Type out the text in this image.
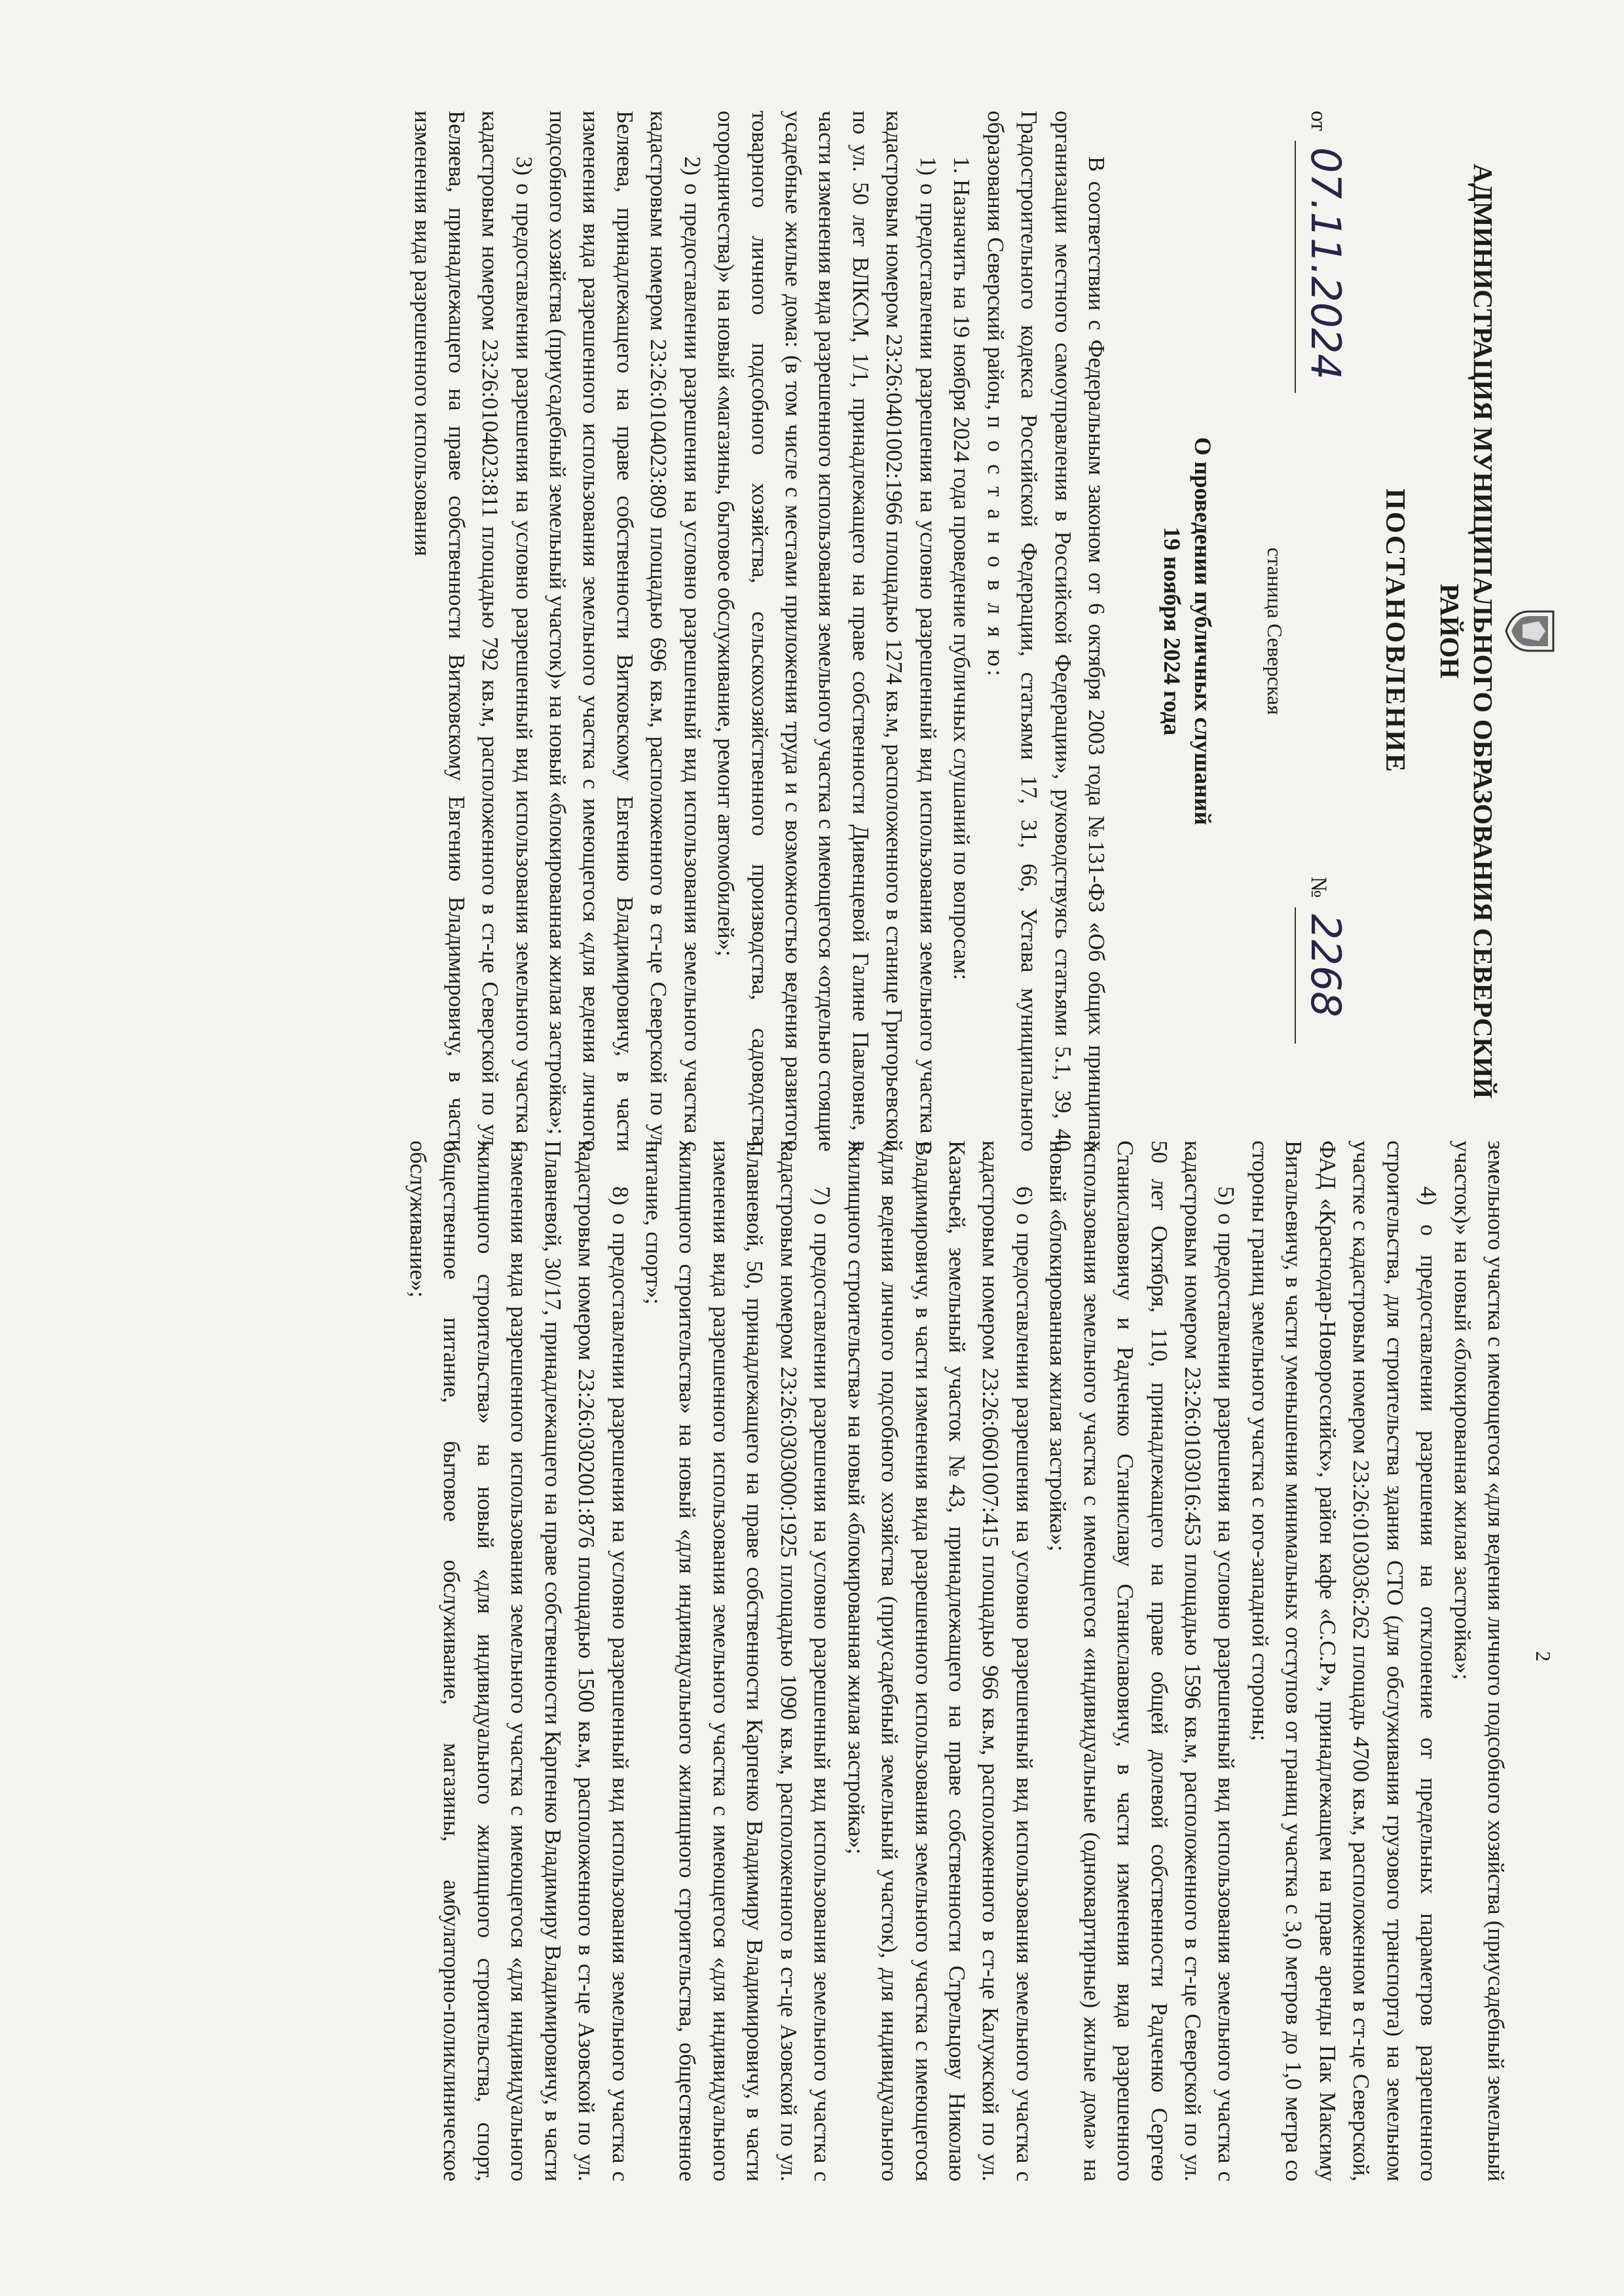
АДМИНИСТРАЦИЯ МУНИЦИПАЛЬНОГО ОБРАЗОВАНИЯ СЕВЕРСКИЙ РАЙОН
ПОСТАНОВЛЕНИЕ
от 07.11.2024
№ 2268
станица Северская
О проведении публичных слушаний
19 ноября 2024 года

В соответствии с Федеральным законом от 6 октября 2003 года №131-ФЗ «Об общих принципах организации местного самоуправления в Российской Федерации», руководствуясь статьями 5.1, 39, 40 Градостроительного кодекса Российской Федерации, статьями 17, 31, 66, Устава муниципального образования Северский район, п о с т а н о в л я ю:

1. Назначить на 19 ноября 2024 года проведение публичных слушаний по вопросам:

1) о предоставлении разрешения на условно разрешенный вид использования земельного участка с кадастровым номером 23:26:0401002:1966 площадью 1274 кв.м, расположенного в станице Григорьевской по ул. 50 лет ВЛКСМ, 1/1, принадлежащего на праве собственности Дивенцевой Галине Павловне, в части изменения вида разрешенного использования земельного участка с имеющегося «отдельно стоящие усадебные жилые дома: (в том числе с местами приложения труда и с возможностью ведения развитого товарного личного подсобного хозяйства, сельскохозяйственного производства, садоводства, огородничества)» на новый «магазины, бытовое обслуживание, ремонт автомобилей»;

2) о предоставлении разрешения на условно разрешенный вид использования земельного участка с кадастровым номером 23:26:0104023:809 площадью 696 кв.м, расположенного в ст-це Северской по ул. Беляева, принадлежащего на праве собственности Витковскому Евгению Владимировичу, в части изменения вида разрешенного использования земельного участка с имеющегося «для ведения личного подсобного хозяйства (приусадебный земельный участок)» на новый «блокированная жилая застройка»;

3) о предоставлении разрешения на условно разрешенный вид использования земельного участка с кадастровым номером 23:26:0104023:811 площадью 792 кв.м, расположенного в ст-це Северской по ул. Беляева, принадлежащего на праве собственности Витковскому Евгению Владимировичу, в части изменения вида разрешенного использования

2

земельного участка с имеющегося «для ведения личного подсобного хозяйства (приусадебный земельный участок)» на новый «блокированная жилая застройка»;

4) о предоставлении разрешения на отклонение от предельных параметров разрешенного строительства, для строительства здания СТО (для обслуживания грузового транспорта) на земельном участке с кадастровым номером 23:26:0103036:262 площадь 4700 кв.м, расположенном в ст-це Северской, ФАД «Краснодар-Новороссийск», район кафе «С.С.Р», принадлежащем на праве аренды Пак Максиму Витальевичу, в части уменьшения минимальных отступов от границ участка с 3,0 метров до 1,0 метра со стороны границ земельного участка с юго-западной стороны;

5) о предоставлении разрешения на условно разрешенный вид использования земельного участка с кадастровым номером 23:26:0103016:453 площадью 1596 кв.м, расположенного в ст-це Северской по ул. 50 лет Октября, 110, принадлежащего на праве общей долевой собственности Радченко Сергею Станиславовичу и Радченко Станиславу Станиславовичу, в части изменения вида разрешенного использования земельного участка с имеющегося «индивидуальные (одноквартирные) жилые дома» на новый «блокированная жилая застройка»;

6) о предоставлении разрешения на условно разрешенный вид использования земельного участка с кадастровым номером 23:26:0601007:415 площадью 966 кв.м, расположенного в ст-це Калужской по ул. Казачьей, земельный участок №43, принадлежащего на праве собственности Стрельцову Николаю Владимировичу, в части изменения вида разрешенного использования земельного участка с имеющегося «для ведения личного подсобного хозяйства (приусадебный земельный участок), для индивидуального жилищного строительства» на новый «блокированная жилая застройка»;

7) о предоставлении разрешения на условно разрешенный вид использования земельного участка с кадастровым номером 23:26:0303000:1925 площадью 1090 кв.м, расположенного в ст-це Азовской по ул. Плавневой, 50, принадлежащего на праве собственности Карпенко Владимиру Владимировичу, в части изменения вида разрешенного использования земельного участка с имеющегося «для индивидуального жилищного строительства» на новый «для индивидуального жилищного строительства, общественное питание, спорт»;

8) о предоставлении разрешения на условно разрешенный вид использования земельного участка с кадастровым номером 23:26:0302001:876 площадью 1500 кв.м, расположенного в ст-це Азовской по ул. Плавневой, 30/17, принадлежащего на праве собственности Карпенко Владимиру Владимировичу, в части изменения вида разрешенного использования земельного участка с имеющегося «для индивидуального жилищного строительства» на новый «для индивидуального жилищного строительства, спорт, общественное питание, бытовое обслуживание, магазины, амбулаторно-поликлиническое обслуживание»;
